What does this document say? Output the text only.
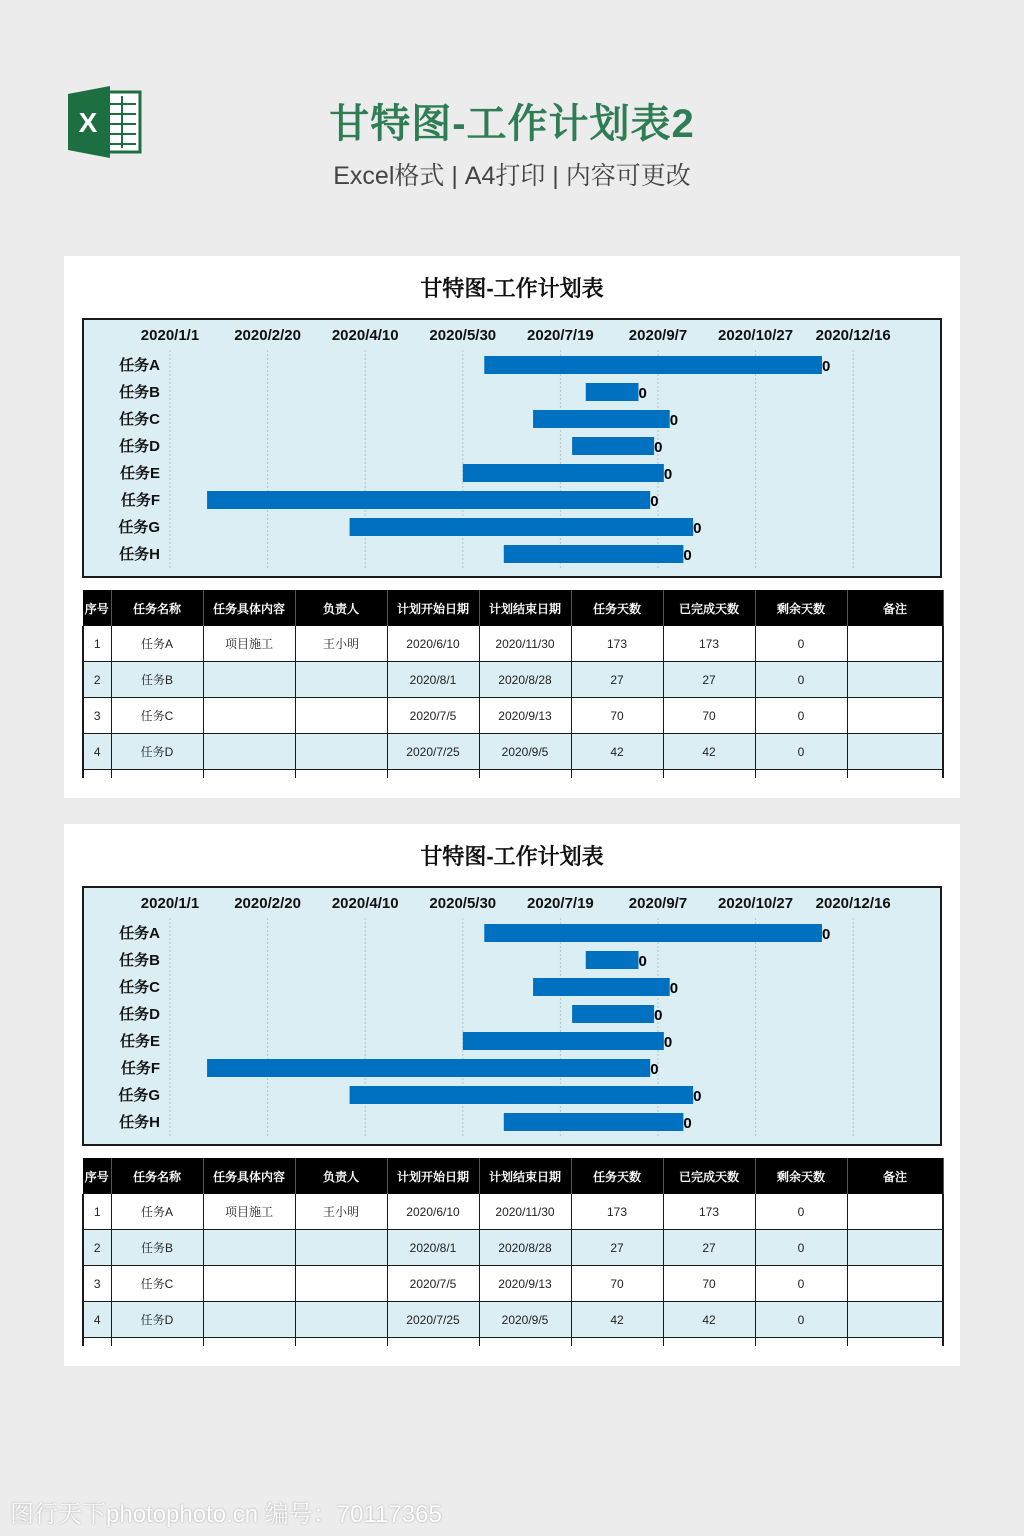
X	甘特图-工作计划表2
Excel格式 | A4打印 | 内容可更改
甘特图-工作计划表
2020/1/1 2020/2/20 2020/4/10 2020/5/30 2020/7/19 2020/9/7 2020/10/27 2020/12/16
任务A	0
任务B	0
任务C	0
任务D	0
任务E	0
任务F	0
任务G	0
任务H	0
序号	任务名称	任务具体内容	负责人	计划开始日期	计划结束日期	任务天数	已完成天数	剩余天数	备注
1	任务A	项目施工	王小明	2020/6/10	2020/11/30	173	173	0	
2	任务B			2020/8/1	2020/8/28	27	27	0	
3	任务C			2020/7/5	2020/9/13	70	70	0	
4	任务D			2020/7/25	2020/9/5	42	42	0	

甘特图-工作计划表
2020/1/1 2020/2/20 2020/4/10 2020/5/30 2020/7/19 2020/9/7 2020/10/27 2020/12/16
任务A	0
任务B	0
任务C	0
任务D	0
任务E	0
任务F	0
任务G	0
任务H	0
序号	任务名称	任务具体内容	负责人	计划开始日期	计划结束日期	任务天数	已完成天数	剩余天数	备注
1	任务A	项目施工	王小明	2020/6/10	2020/11/30	173	173	0	
2	任务B			2020/8/1	2020/8/28	27	27	0	
3	任务C			2020/7/5	2020/9/13	70	70	0	
4	任务D			2020/7/25	2020/9/5	42	42	0	

图行天下photophoto.cn 编号：70117365
